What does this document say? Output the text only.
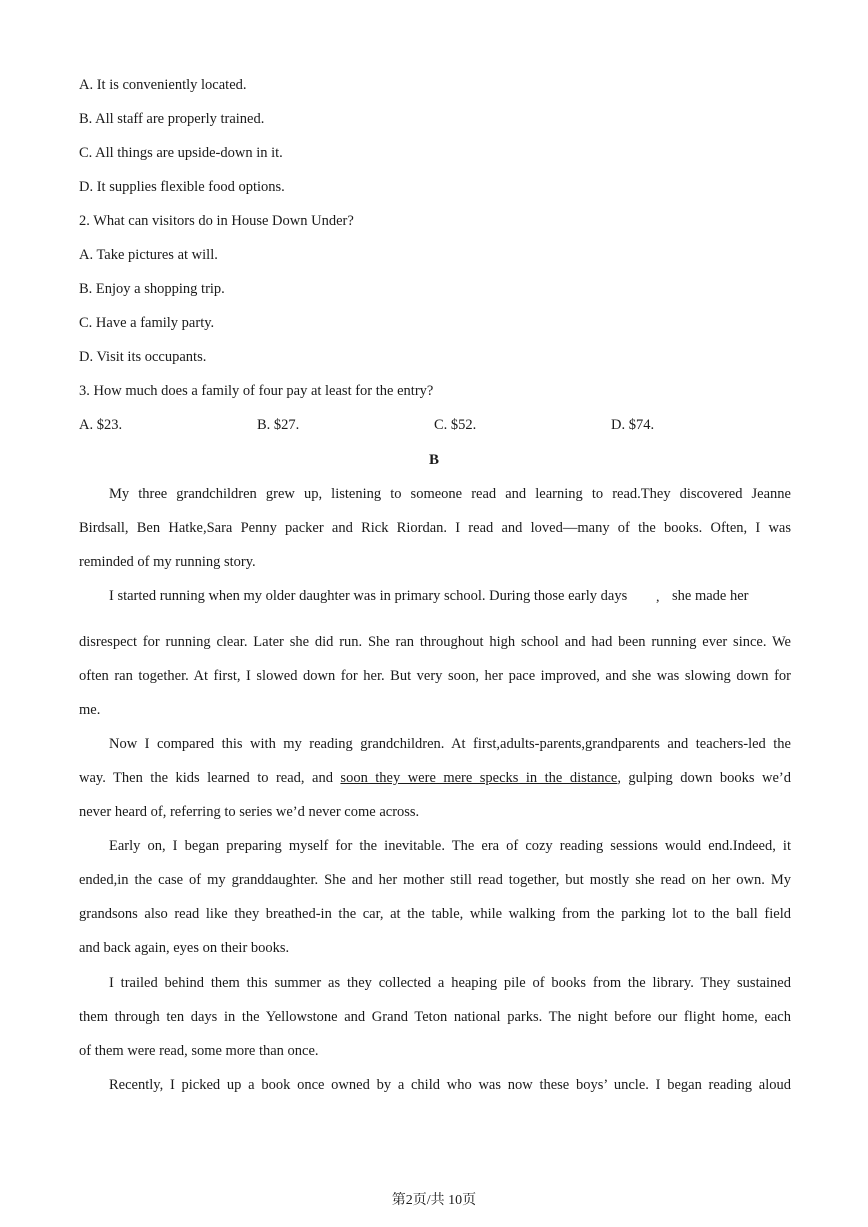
A. It is conveniently located.
B. All staff are properly trained.
C. All things are upside-down in it.
D. It supplies flexible food options.
2. What can visitors do in House Down Under?
A. Take pictures at will.
B. Enjoy a shopping trip.
C. Have a family party.
D. Visit its occupants.
3. How much does a family of four pay at least for the entry?
A. $23.	B. $27.	C. $52.	D. $74.
B
My three grandchildren grew up, listening to someone read and learning to read.They discovered Jeanne
Birdsall, Ben Hatke,Sara Penny packer and Rick Riordan. I read and loved—many of the books. Often, I was
reminded of my running story.
I started running when my older daughter was in primary school. During those early days , she made her
disrespect for running clear. Later she did run. She ran throughout high school and had been running ever since. We
often ran together. At first, I slowed down for her. But very soon, her pace improved, and she was slowing down for
me.
Now I compared this with my reading grandchildren. At first,adults-parents,grandparents and teachers-led the
way. Then the kids learned to read, and soon they were mere specks in the distance, gulping down books we’d
never heard of, referring to series we’d never come across.
Early on, I began preparing myself for the inevitable. The era of cozy reading sessions would end.Indeed, it
ended,in the case of my granddaughter. She and her mother still read together, but mostly she read on her own. My
grandsons also read like they breathed-in the car, at the table, while walking from the parking lot to the ball field
and back again, eyes on their books.
I trailed behind them this summer as they collected a heaping pile of books from the library. They sustained
them through ten days in the Yellowstone and Grand Teton national parks. The night before our flight home, each
of them were read, some more than once.
Recently, I picked up a book once owned by a child who was now these boys’ uncle. I began reading aloud
第2页/共 10页
